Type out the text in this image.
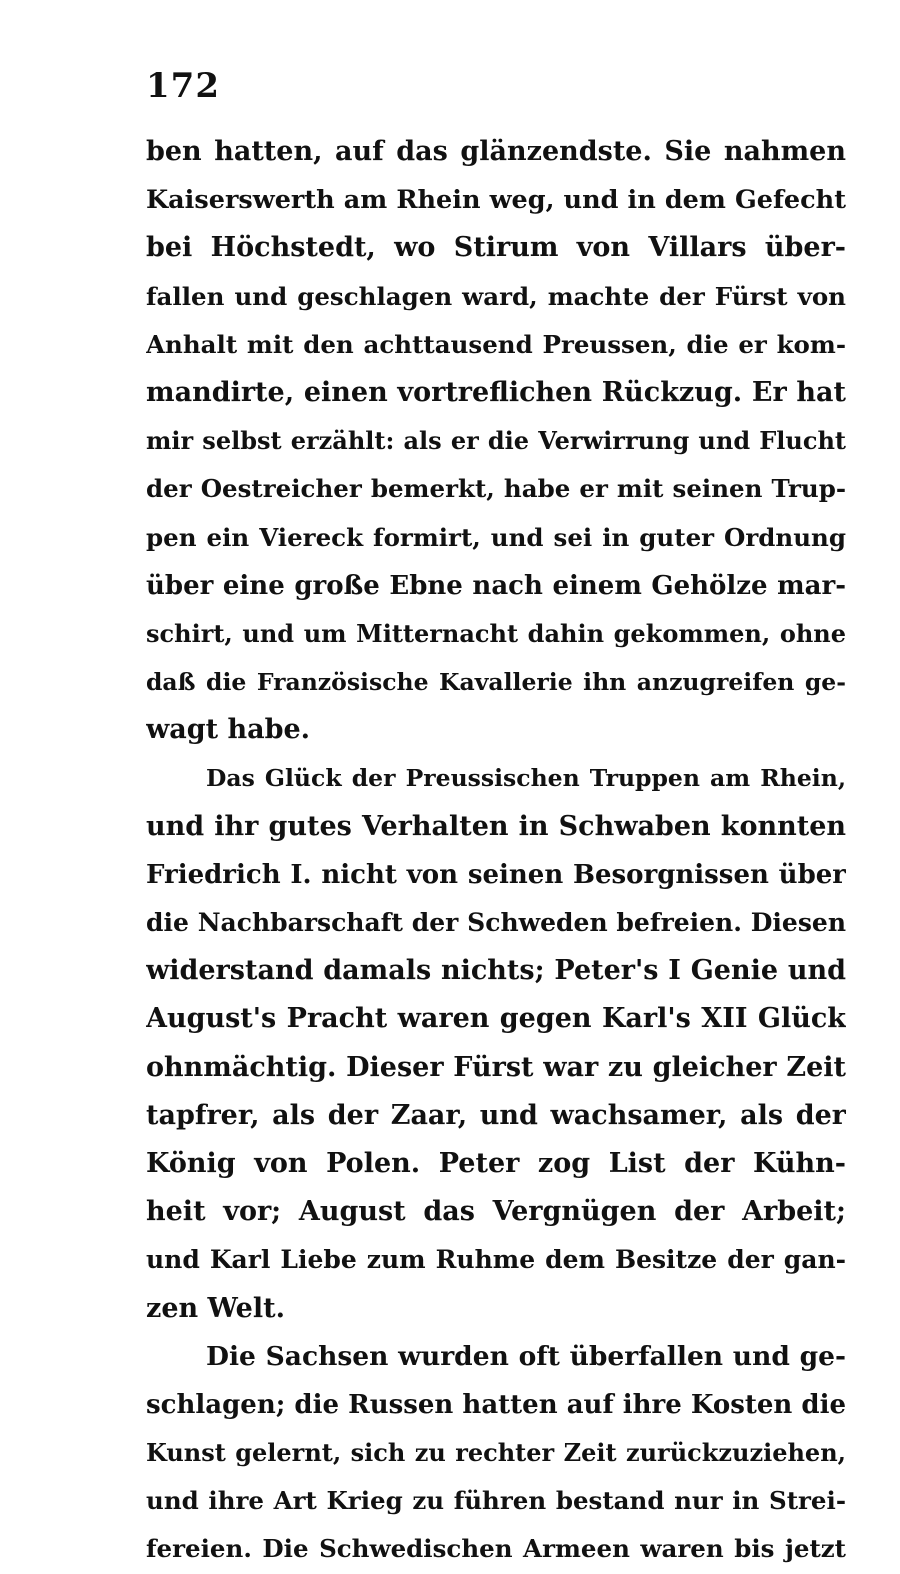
172
ben hatten, auf das glänzendste. Sie nahmen
Kaiserswerth am Rhein weg, und in dem Gefecht
bei Höchstedt, wo Stirum von Villars über-
fallen und geschlagen ward, machte der Fürst von
Anhalt mit den achttausend Preussen, die er kom-
mandirte, einen vortreflichen Rückzug. Er hat
mir selbst erzählt: als er die Verwirrung und Flucht
der Oestreicher bemerkt, habe er mit seinen Trup-
pen ein Viereck formirt, und sei in guter Ordnung
über eine große Ebne nach einem Gehölze mar-
schirt, und um Mitternacht dahin gekommen, ohne
daß die Französische Kavallerie ihn anzugreifen ge-
wagt habe.
Das Glück der Preussischen Truppen am Rhein,
und ihr gutes Verhalten in Schwaben konnten
Friedrich I. nicht von seinen Besorgnissen über
die Nachbarschaft der Schweden befreien. Diesen
widerstand damals nichts; Peter's I Genie und
August's Pracht waren gegen Karl's XII Glück
ohnmächtig. Dieser Fürst war zu gleicher Zeit
tapfrer, als der Zaar, und wachsamer, als der
König von Polen. Peter zog List der Kühn-
heit vor; August das Vergnügen der Arbeit;
und Karl Liebe zum Ruhme dem Besitze der gan-
zen Welt.
Die Sachsen wurden oft überfallen und ge-
schlagen; die Russen hatten auf ihre Kosten die
Kunst gelernt, sich zu rechter Zeit zurückzuziehen,
und ihre Art Krieg zu führen bestand nur in Strei-
fereien. Die Schwedischen Armeen waren bis jetzt
